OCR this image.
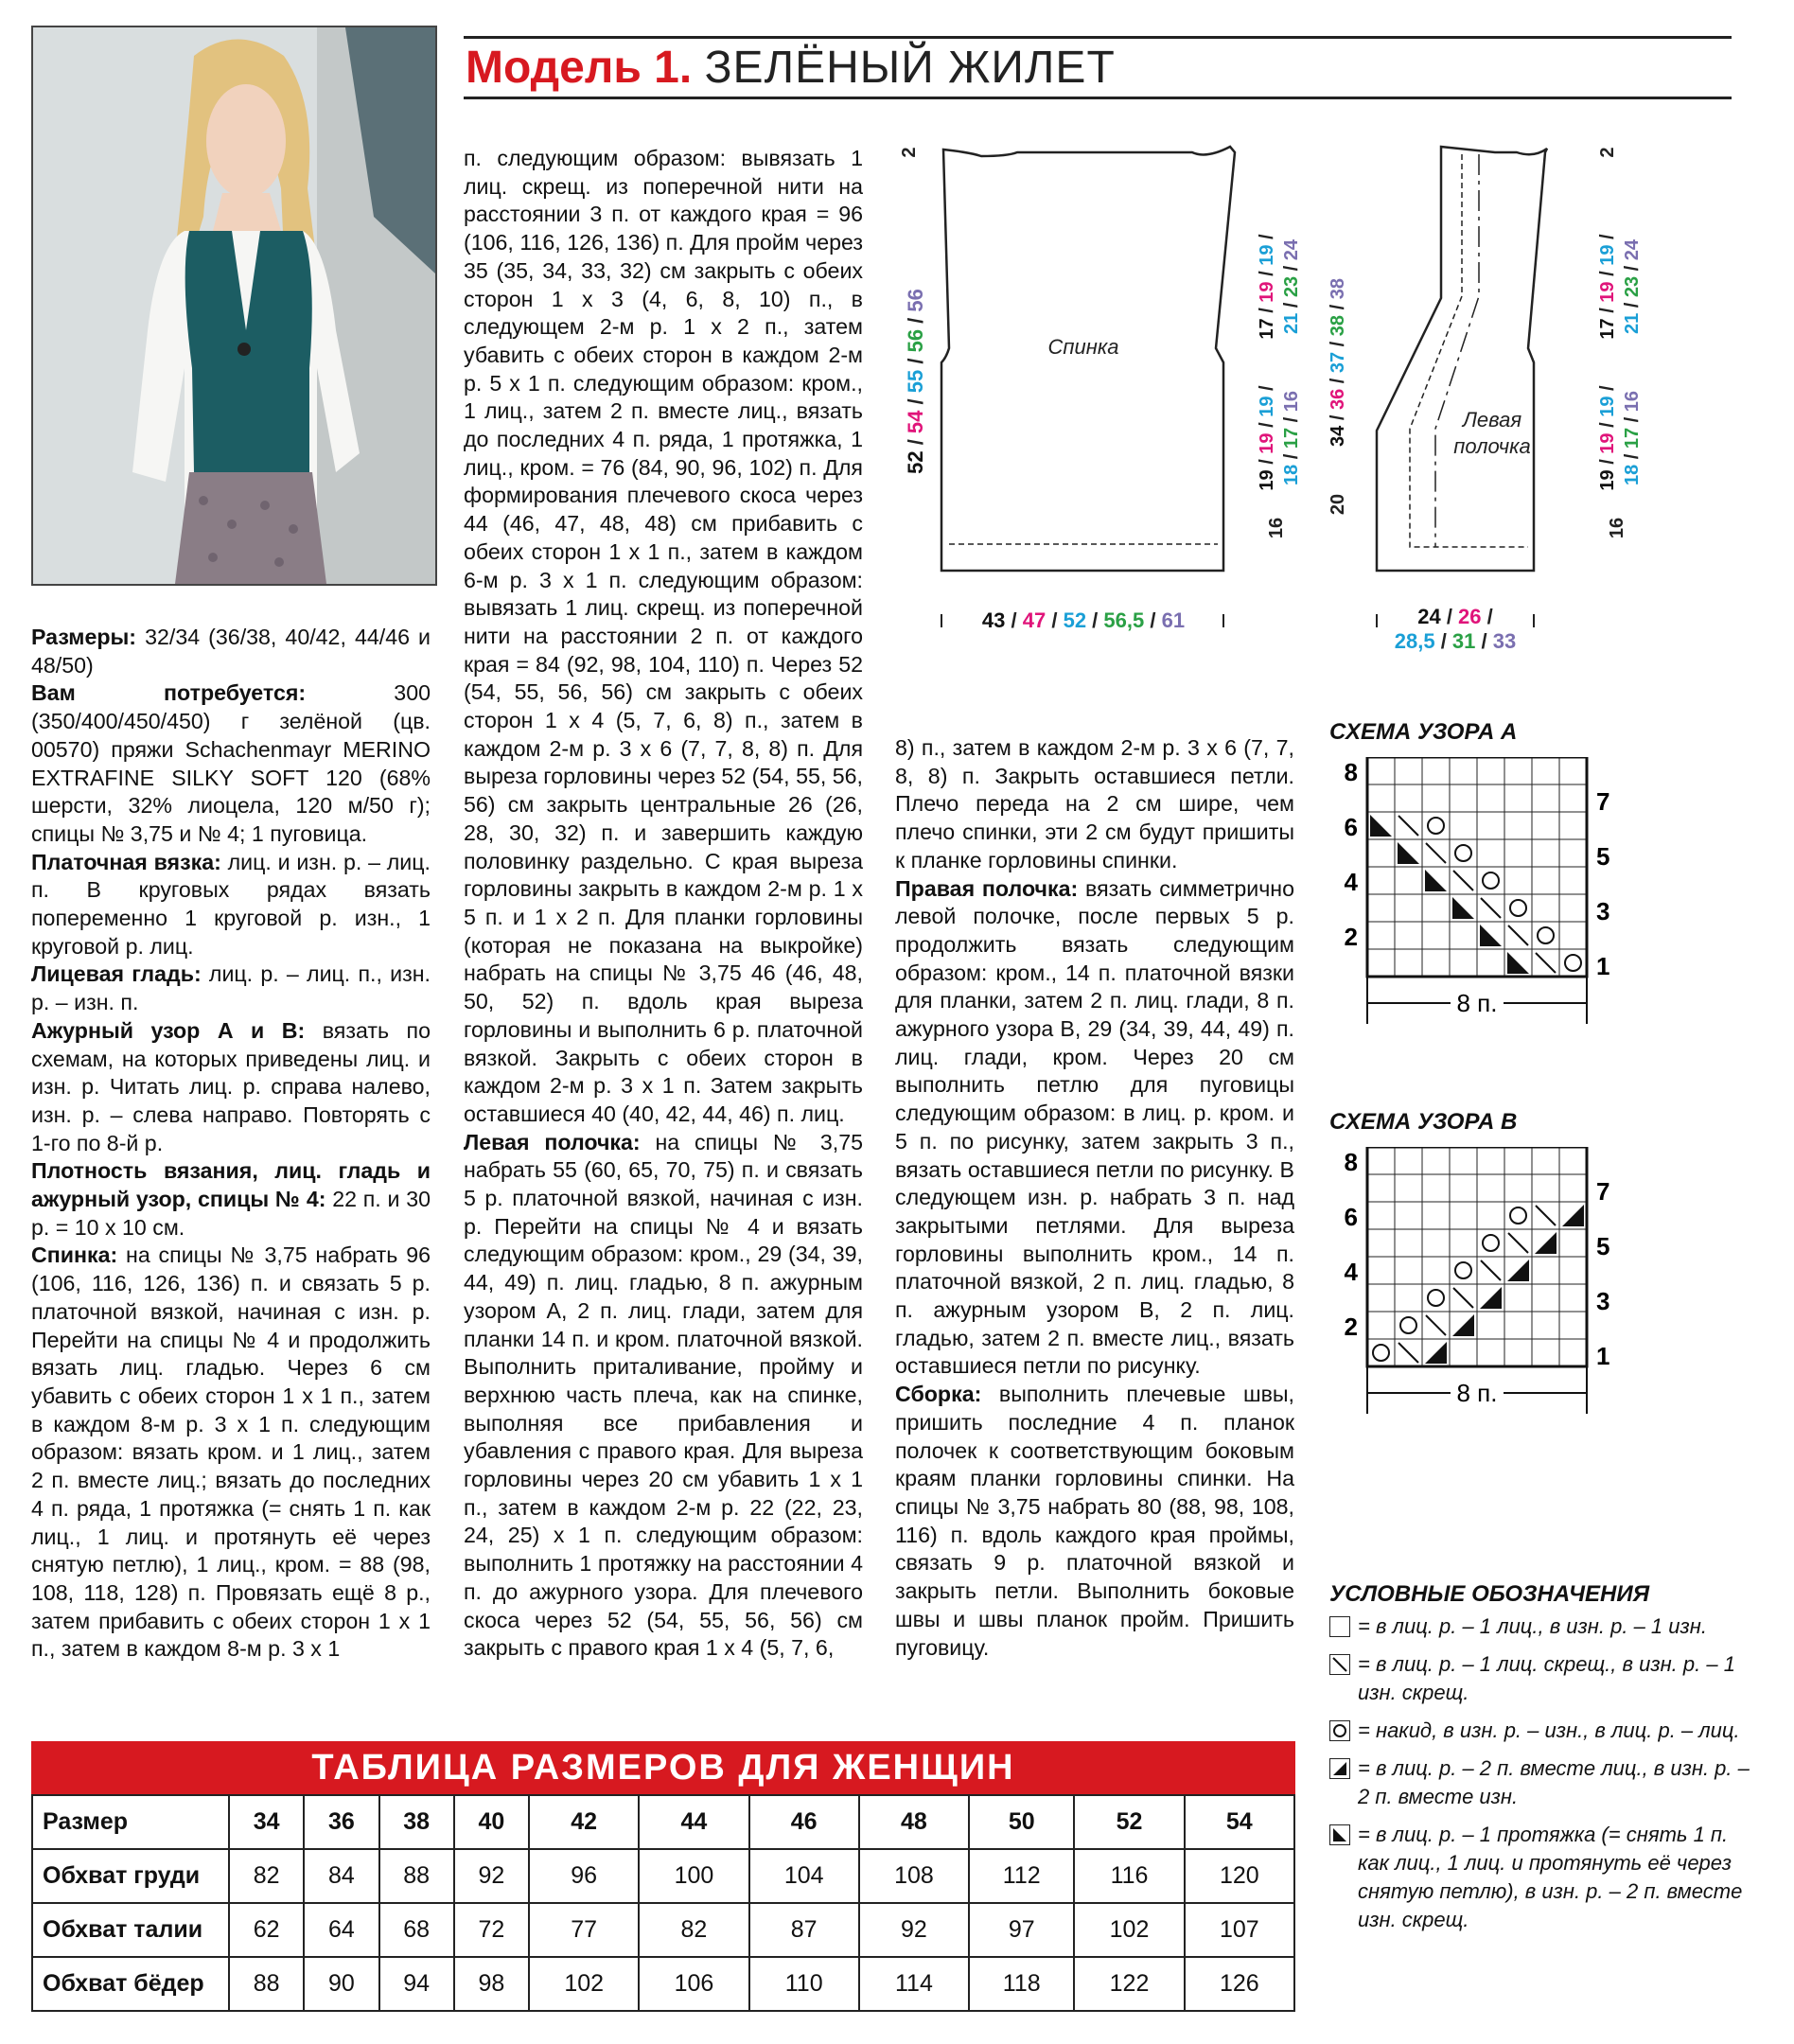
Модель 1. ЗЕЛЁНЫЙ ЖИЛЕТ

Размеры: 32/34 (36/38, 40/42, 44/46 и 48/50)

Вам потребуется: 300 (350/400/450/450) г зелёной (цв. 00570) пряжи Schachenmayr MERINO EXTRAFINE SILKY SOFT 120 (68% шерсти, 32% лиоцела, 120 м/50 г); спицы № 3,75 и № 4; 1 пуговица.

Платочная вязка: лиц. и изн. р. – лиц. п. В круговых рядах вязать попеременно 1 круговой р. изн., 1 круговой р. лиц.

Лицевая гладь: лиц. р. – лиц. п., изн. р. – изн. п.

Ажурный узор А и В: вязать по схемам, на которых приведены лиц. и изн. р. Читать лиц. р. справа налево, изн. р. – слева направо. Повторять с 1-го по 8-й р.

Плотность вязания, лиц. гладь и ажурный узор, спицы № 4: 22 п. и 30 р. = 10 х 10 см.

Спинка: на спицы № 3,75 набрать 96 (106, 116, 126, 136) п. и связать 5 р. платочной вязкой, начиная с изн. р. Перейти на спицы № 4 и продолжить вязать лиц. гладью. Через 6 см убавить с обеих сторон 1 х 1 п., затем в каждом 8-м р. 3 х 1 п. следующим образом: вязать кром. и 1 лиц., затем 2 п. вместе лиц.; вязать до последних 4 п. ряда, 1 протяжка (= снять 1 п. как лиц., 1 лиц. и протянуть её через снятую петлю), 1 лиц., кром. = 88 (98, 108, 118, 128) п. Провязать ещё 8 р., затем прибавить с обеих сторон 1 х 1 п., затем в каждом 8-м р. 3 х 1

п. следующим образом: вывязать 1 лиц. скрещ. из поперечной нити на расстоянии 3 п. от каждого края = 96 (106, 116, 126, 136) п. Для пройм через 35 (35, 34, 33, 32) см закрыть с обеих сторон 1 х 3 (4, 6, 8, 10) п., в следующем 2-м р. 1 х 2 п., затем убавить с обеих сторон в каждом 2-м р. 5 х 1 п. следующим образом: кром., 1 лиц., затем 2 п. вместе лиц., вязать до последних 4 п. ряда, 1 протяжка, 1 лиц., кром. = 76 (84, 90, 96, 102) п. Для формирования плечевого скоса через 44 (46, 47, 48, 48) см прибавить с обеих сторон 1 х 1 п., затем в каждом 6-м р. 3 х 1 п. следующим образом: вывязать 1 лиц. скрещ. из поперечной нити на расстоянии 2 п. от каждого края = 84 (92, 98, 104, 110) п. Через 52 (54, 55, 56, 56) см закрыть с обеих сторон 1 х 4 (5, 7, 6, 8) п., затем в каждом 2-м р. 3 х 6 (7, 7, 8, 8) п. Для выреза горловины через 52 (54, 55, 56, 56) см закрыть центральные 26 (26, 28, 30, 32) п. и завершить каждую половинку раздельно. С края выреза горловины закрыть в каждом 2-м р. 1 х 5 п. и 1 х 2 п. Для планки горловины (которая не показана на выкройке) набрать на спицы № 3,75 46 (46, 48, 50, 52) п. вдоль края выреза горловины и выполнить 6 р. платочной вязкой. Закрыть с обеих сторон в каждом 2-м р. 3 х 1 п. Затем закрыть оставшиеся 40 (40, 42, 44, 46) п. лиц.

Левая полочка: на спицы № 3,75 набрать 55 (60, 65, 70, 75) п. и связать 5 р. платочной вязкой, начиная с изн. р. Перейти на спицы № 4 и вязать следующим образом: кром., 29 (34, 39, 44, 49) п. лиц. гладью, 8 п. ажурным узором А, 2 п. лиц. глади, затем для планки 14 п. и кром. платочной вязкой. Выполнить приталивание, пройму и верхнюю часть плеча, как на спинке, выполняя все прибавления и убавления с правого края. Для выреза горловины через 20 см убавить 1 х 1 п., затем в каждом 2-м р. 22 (22, 23, 24, 25) х 1 п. следующим образом: выполнить 1 протяжку на расстоянии 4 п. до ажурного узора. Для плечевого скоса через 52 (54, 55, 56, 56) см закрыть с правого края 1 х 4 (5, 7, 6,

8) п., затем в каждом 2-м р. 3 х 6 (7, 7, 8, 8) п. Закрыть оставшиеся петли. Плечо переда на 2 см шире, чем плечо спинки, эти 2 см будут пришиты к планке горловины спинки.

Правая полочка: вязать симметрично левой полочке, после первых 5 р. продолжить вязать следующим образом: кром., 14 п. платочной вязки для планки, затем 2 п. лиц. глади, 8 п. ажурного узора В, 29 (34, 39, 44, 49) п. лиц. глади, кром. Через 20 см выполнить петлю для пуговицы следующим образом: в лиц. р. кром. и 5 п. по рисунку, затем закрыть 3 п., вязать оставшиеся петли по рисунку. В следующем изн. р. набрать 3 п. над закрытыми петлями. Для выреза горловины выполнить кром., 14 п. платочной вязкой, 2 п. лиц. гладью, 8 п. ажурным узором В, 2 п. лиц. гладью, затем 2 п. вместе лиц., вязать оставшиеся петли по рисунку.

Сборка: выполнить плечевые швы, пришить последние 4 п. планок полочек к соответствующим боковым краям планки горловины спинки. На спицы № 3,75 набрать 80 (88, 98, 108, 116) п. вдоль каждого края проймы, связать 9 р. платочной вязкой и закрыть петли. Выполнить боковые швы и швы планок пройм. Пришить пуговицу.

Спинка
2
52 / 54 / 55 / 56 / 56
43 / 47 / 52 / 56,5 / 61
17 / 19 / 19 /
21 / 23 / 24
19 / 19 / 19 /
18 / 17 / 16
16
34 / 36 / 37 / 38 / 38
20
Левая
полочка
2
17 / 19 / 19 /
21 / 23 / 24
19 / 19 / 19 /
18 / 17 / 16
16
24 / 26 /
28,5 / 31 / 33
СХЕМА УЗОРА А
8
6
4
2
7
5
3
1
8 п.
СХЕМА УЗОРА В
8
6
4
2
7
5
3
1
8 п.
УСЛОВНЫЕ ОБОЗНАЧЕНИЯ
= в лиц. р. – 1 лиц., в изн. р. – 1 изн.
= в лиц. р. – 1 лиц. скрещ., в изн. р. – 1 изн. скрещ.
= накид, в изн. р. – изн., в лиц. р. – лиц.
= в лиц. р. – 2 п. вместе лиц., в изн. р. – 2 п. вместе изн.
= в лиц. р. – 1 протяжка (= снять 1 п. как лиц., 1 лиц. и протянуть её через снятую петлю), в изн. р. – 2 п. вместе изн. скрещ.
ТАБЛИЦА РАЗМЕРОВ ДЛЯ ЖЕНЩИН
Размер	34	36	38	40	42	44	46	48	50	52	54
Обхват груди	82	84	88	92	96	100	104	108	112	116	120
Обхват талии	62	64	68	72	77	82	87	92	97	102	107
Обхват бёдер	88	90	94	98	102	106	110	114	118	122	126
